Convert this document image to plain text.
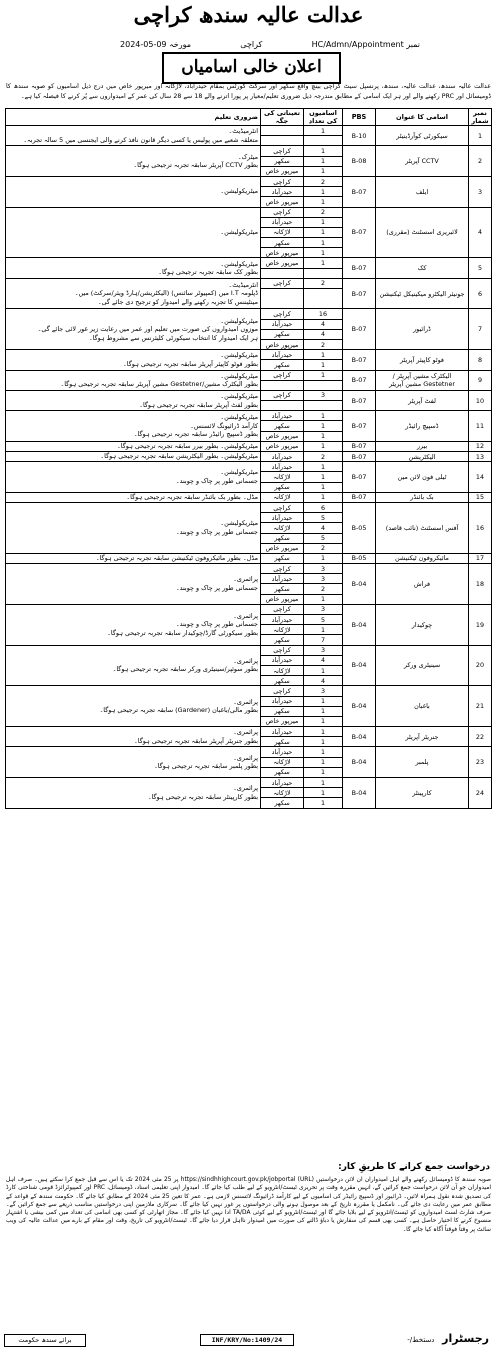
عدالت عالیہ سندھ کراچی
نمبر HC/Admn/Appointment
کراچی
مورخہ 09-05-2024
اعلان خالی اسامیاں
عدالت عالیہ سندھ، عدالت عالیہ، سندھ، پرنسپل سیٹ کراچی بینچ واقع سکھر اور سرکٹ کورٹس بمقام حیدرآباد، لاڑکانہ اور میرپور خاص میں درج ذیل اسامیوں کو صوبہ سندھ کا ڈومیسائل اور PRC رکھنے والے اور ہر ایک اسامی کے مطابق مندرجہ ذیل ضروری تعلیم/معیار پر پورا اترنے والے 18 سے 28 سال کی عمر کے امیدواروں سے پُر کرنے کا فیصلہ کیا ہے۔
نمبر شمار	اسامی کا عنوان	PBS	اسامیوں کی تعداد	تعیناتی کی جگہ	ضروری تعلیم
1	سیکورٹی کوآرڈینیٹر	B-10	1		انٹرمیڈیٹ۔
متعلقہ شعبے میں پولیس یا کسی دیگر قانون نافذ کرنے والی ایجنسی میں 5 سالہ تجربہ۔

2	CCTV آپریٹر	B-08	1	کراچی	میٹرک۔
بطور CCTV آپریٹر سابقہ تجربہ ترجیحی ہوگا۔

			1	سکھر	
			1	میرپور خاص	
3	ایلف	B-07	2	کراچی	میٹریکولیشن۔

			1	حیدرآباد	
			1	میرپور خاص	
4	لائبریری اسسٹنٹ (مقرری)	B-07	2	کراچی	میٹریکولیشن۔

			1	حیدرآباد	
			1	لاڑکانہ	
			1	سکھر	
			1	میرپور خاص	
5	کک	B-07	1	میرپور خاص	میٹریکولیشن۔
بطور کک سابقہ تجربہ ترجیحی ہوگا۔

6	جونیئر الیکٹرو میکینیکل ٹیکنیشن	B-07	2	کراچی	انٹرمیڈیٹ۔
ڈپلومہ I.T میں (کمپیوٹر سائنس) (الیکٹریشن/ہارڈ ویئر/سرکٹ) میں۔
مینٹیننس کا تجربہ رکھنے والے امیدوار کو ترجیح دی جائے گی۔

7	ڈرائیور	B-07	16	کراچی	میٹریکولیشن۔
موزوں امیدواروں کی صورت میں تعلیم اور عمر میں رعایت زیر غور لائی جائے گی۔
ہر ایک امیدوار کا انتخاب سیکورٹی کلیئرنس سے مشروط ہوگا۔

			4	حیدرآباد	
			4	سکھر	
			2	میرپور خاص	
8	فوٹو کاپیئر آپریٹر	B-07	1	حیدرآباد	میٹریکولیشن۔
بطور فوٹو کاپیئر آپریٹر سابقہ تجربہ ترجیحی ہوگا۔

			1	سکھر	
9	الیکٹرک مشین آپریٹر / Gestetner مشین آپریٹر	B-07	1	کراچی	میٹریکولیشن۔
بطور الیکٹرک مشین/Gestetner مشین آپریٹر سابقہ تجربہ ترجیحی ہوگا۔

10	لفٹ آپریٹر	B-07	3	کراچی	میٹریکولیشن۔
بطور لفٹ آپریٹر سابقہ تجربہ ترجیحی ہوگا۔

11	ڈسپیچ رائیڈر	B-07	1	حیدرآباد	میٹریکولیشن۔
کارآمد ڈرائیونگ لائسنس۔
بطور ڈسپیچ رائیڈر سابقہ تجربہ ترجیحی ہوگا۔

			1	سکھر	
			1	میرپور خاص	
12	بیرر	B-07	1	میرپور خاص	میٹریکولیشن۔ بطور بیرر سابقہ تجربہ ترجیحی ہوگا۔

13	الیکٹریشن	B-07	2	حیدرآباد	میٹریکولیشن۔ بطور الیکٹریشن سابقہ تجربہ ترجیحی ہوگا۔

14	ٹیلی فون لائن مین	B-07	1	حیدرآباد	میٹریکولیشن۔
جسمانی طور پر چاک و چوبند۔

			1	لاڑکانہ	
			1	سکھر	
15	بک بائنڈر	B-07	1	لاڑکانہ	مڈل۔ بطور بک بائنڈر سابقہ تجربہ ترجیحی ہوگا۔

16	آفس اسسٹنٹ (نائب قاصد)	B-05	6	کراچی	میٹریکولیشن۔
جسمانی طور پر چاک و چوبند۔

			5	حیدرآباد	
			4	لاڑکانہ	
			5	سکھر	
			2	میرپور خاص	
17	مائیکروفون ٹیکنیشن	B-05	1	سکھر	مڈل۔ بطور مائیکروفون ٹیکنیشن سابقہ تجربہ ترجیحی ہوگا۔

18	فراش	B-04	3	کراچی	پرائمری۔
جسمانی طور پر چاک و چوبند۔

			3	حیدرآباد	
			2	سکھر	
			1	میرپور خاص	
19	چوکیدار	B-04	3	کراچی	پرائمری۔
جسمانی طور پر چاک و چوبند۔
بطور سیکورٹی گارڈ/چوکیدار سابقہ تجربہ ترجیحی ہوگا۔

			5	حیدرآباد	
			1	لاڑکانہ	
			7	سکھر	
20	سینیٹری ورکر	B-04	3	کراچی	پرائمری۔
بطور سوئپر/سینیٹری ورکر سابقہ تجربہ ترجیحی ہوگا۔

			4	حیدرآباد	
			1	لاڑکانہ	
			4	سکھر	
21	باغبان	B-04	3	کراچی	پرائمری۔
بطور مالی/باغبان (Gardener) سابقہ تجربہ ترجیحی ہوگا۔

			1	حیدرآباد	
			1	سکھر	
			1	میرپور خاص	
22	جنریٹر آپریٹر	B-04	1	حیدرآباد	پرائمری۔
بطور جنریٹر آپریٹر سابقہ تجربہ ترجیحی ہوگا۔

			1	سکھر	
23	پلمبر	B-04	1	حیدرآباد	پرائمری۔
بطور پلمبر سابقہ تجربہ ترجیحی ہوگا۔

			1	لاڑکانہ	
			1	سکھر	
24	کارپینٹر	B-04	1	حیدرآباد	پرائمری۔
بطور کارپینٹر سابقہ تجربہ ترجیحی ہوگا۔

			1	لاڑکانہ	
			1	سکھر	
درخواست جمع کرانے کا طریقِ کار:
صوبہ سندھ کا ڈومیسائل رکھنے والے اہل امیدواران آن لائن درخواستیں (URL) https://sindhhighcourt.gov.pk/jobportal پر 25 مئی 2024 تک یا اس سے قبل جمع کرا سکتے ہیں۔ صرف اہل امیدواران جو آن لائن درخواست جمع کرائیں گے، انہیں مقررہ وقت پر تحریری ٹیسٹ/انٹرویو کے لیے طلب کیا جائے گا۔ امیدوار اپنی تعلیمی اسناد، ڈومیسائل، PRC اور کمپیوٹرائزڈ قومی شناختی کارڈ کی تصدیق شدہ نقول ہمراہ لائیں۔ ڈرائیور اور ڈسپیچ رائیڈر کی اسامیوں کے لیے کارآمد ڈرائیونگ لائسنس لازمی ہے۔ عمر کا تعین 25 مئی 2024 کے مطابق کیا جائے گا۔ حکومت سندھ کے قواعد کے مطابق عمر میں رعایت دی جائے گی۔ نامکمل یا مقررہ تاریخ کے بعد موصول ہونے والی درخواستوں پر غور نہیں کیا جائے گا۔ سرکاری ملازمین اپنی درخواستیں مناسب ذریعے سے جمع کرائیں گے۔ صرف شارٹ لسٹ امیدواروں کو ٹیسٹ/انٹرویو کے لیے بلایا جائے گا اور ٹیسٹ/انٹرویو کے لیے کوئی TA/DA ادا نہیں کیا جائے گا۔ مجاز اتھارٹی کو کسی بھی اسامی کی تعداد میں کمی بیشی یا اشتہار منسوخ کرنے کا اختیار حاصل ہے۔ کسی بھی قسم کی سفارش یا دباؤ ڈالنے کی صورت میں امیدوار نااہل قرار دیا جائے گا۔ ٹیسٹ/انٹرویو کی تاریخ، وقت اور مقام کے بارے میں عدالت عالیہ کی ویب سائٹ پر وقتاً فوقتاً آگاہ کیا جائے گا۔
برائے سندھ حکومت	INF/KRY/No:1409/24	رجسٹرار  دستخط/-
